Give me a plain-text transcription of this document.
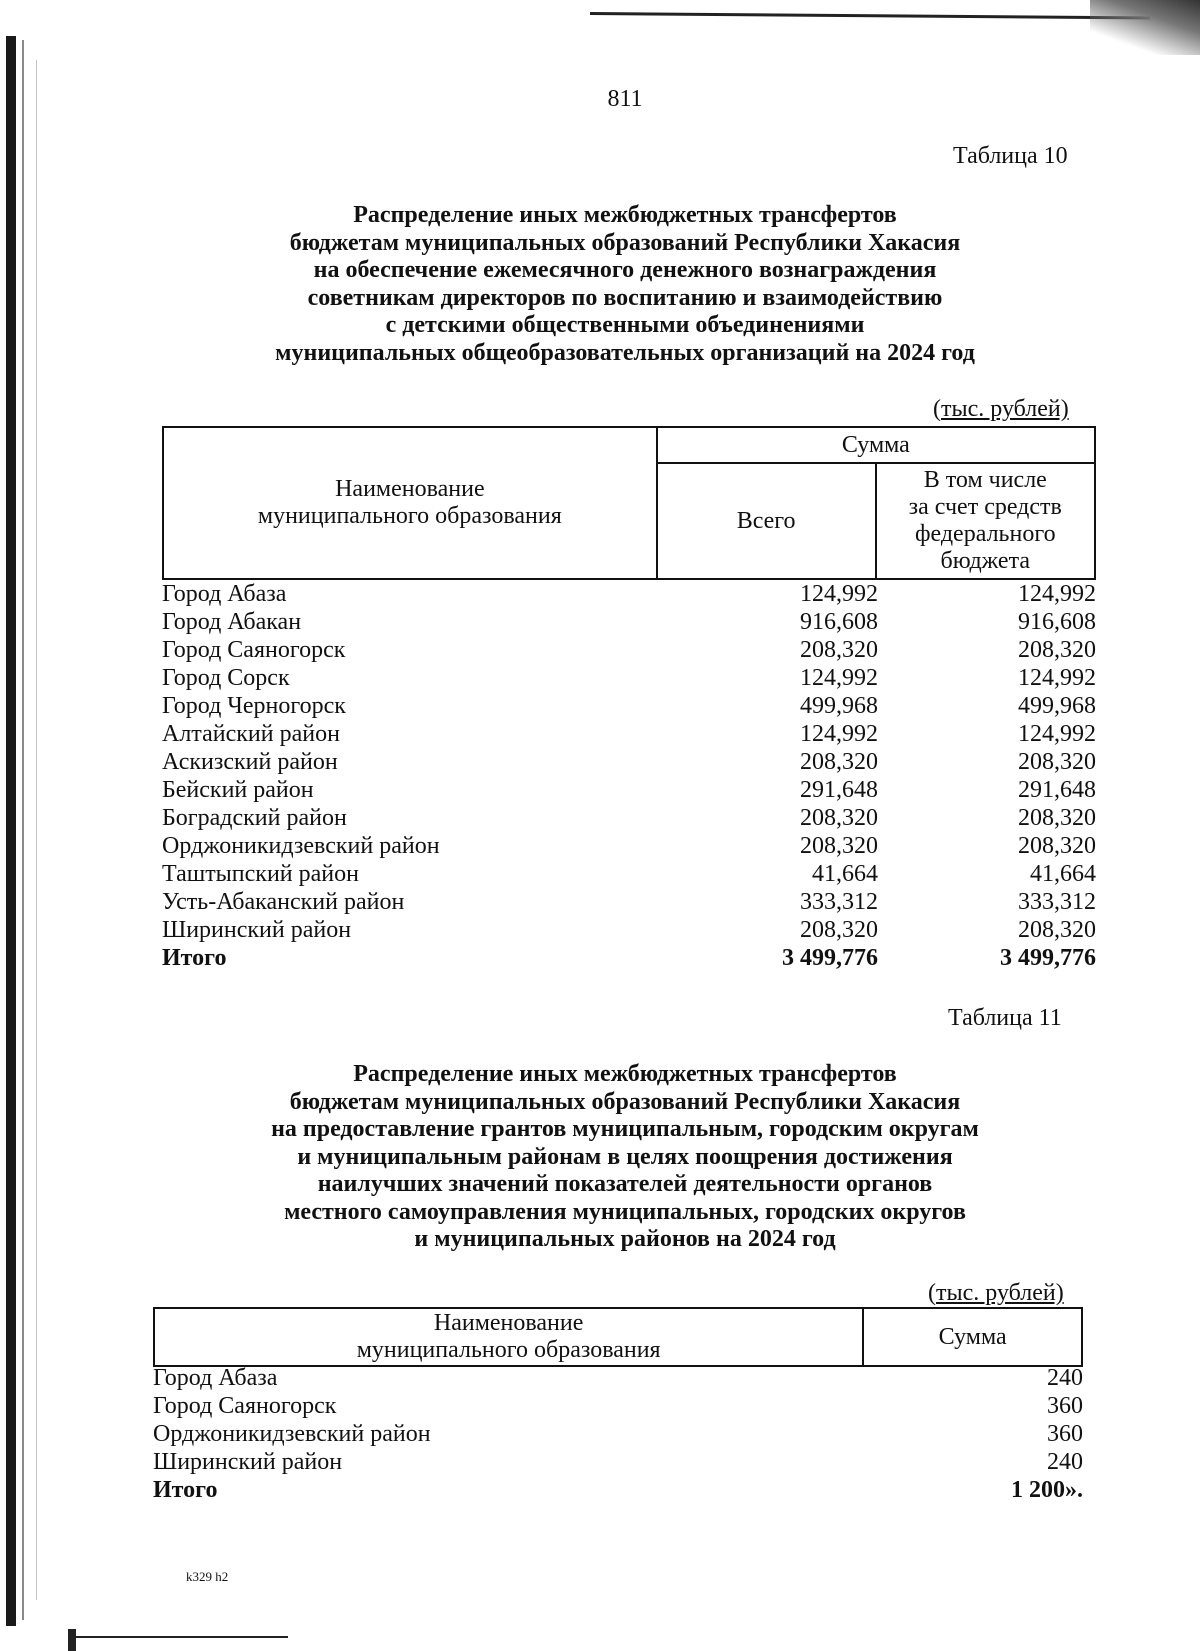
811
Таблица 10
Распределение иных межбюджетных трансфертов
бюджетам муниципальных образований Республики Хакасия
на обеспечение ежемесячного денежного вознаграждения
советникам директоров по воспитанию и взаимодействию
с детскими общественными объединениями
муниципальных общеобразовательных организаций на 2024 год
(тыс. рублей)
Наименование
муниципального образования	Сумма	
	Всего	В том числе
за счет средств
федерального
бюджета
Город Абаза	124,992	124,992
Город Абакан	916,608	916,608
Город Саяногорск	208,320	208,320
Город Сорск	124,992	124,992
Город Черногорск	499,968	499,968
Алтайский район	124,992	124,992
Аскизский район	208,320	208,320
Бейский район	291,648	291,648
Боградский район	208,320	208,320
Орджоникидзевский район	208,320	208,320
Таштыпский район	41,664	41,664
Усть-Абаканский район	333,312	333,312
Ширинский район	208,320	208,320
Итого	3 499,776	3 499,776
Таблица 11
Распределение иных межбюджетных трансфертов
бюджетам муниципальных образований Республики Хакасия
на предоставление грантов муниципальным, городским округам
и муниципальным районам в целях поощрения достижения
наилучших значений показателей деятельности органов
местного самоуправления муниципальных, городских округов
и муниципальных районов на 2024 год
(тыс. рублей)
Наименование
муниципального образования	Сумма
Город Абаза	240
Город Саяногорск	360
Орджоникидзевский район	360
Ширинский район	240
Итого	1 200».
k329 h2
